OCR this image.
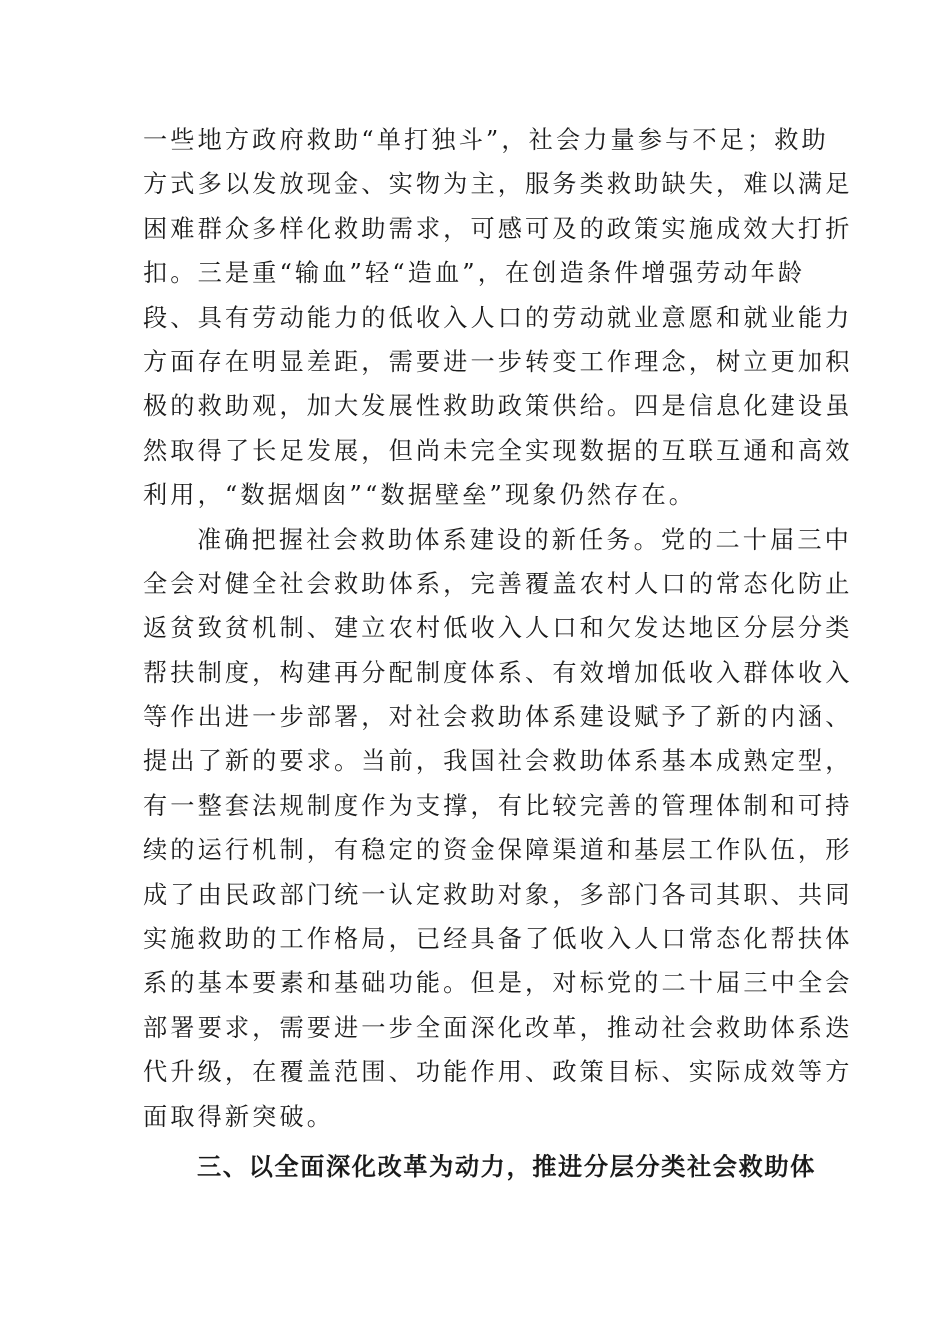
一些地方政府救助“单打独斗”，社会力量参与不足；救助
方式多以发放现金、实物为主，服务类救助缺失，难以满足
困难群众多样化救助需求，可感可及的政策实施成效大打折
扣。三是重“输血”轻“造血”，在创造条件增强劳动年龄
段、具有劳动能力的低收入人口的劳动就业意愿和就业能力
方面存在明显差距，需要进一步转变工作理念，树立更加积
极的救助观，加大发展性救助政策供给。四是信息化建设虽
然取得了长足发展，但尚未完全实现数据的互联互通和高效
利用，“数据烟囱”“数据壁垒”现象仍然存在。
准确把握社会救助体系建设的新任务。党的二十届三中
全会对健全社会救助体系，完善覆盖农村人口的常态化防止
返贫致贫机制、建立农村低收入人口和欠发达地区分层分类
帮扶制度，构建再分配制度体系、有效增加低收入群体收入
等作出进一步部署，对社会救助体系建设赋予了新的内涵、
提出了新的要求。当前，我国社会救助体系基本成熟定型，
有一整套法规制度作为支撑，有比较完善的管理体制和可持
续的运行机制，有稳定的资金保障渠道和基层工作队伍，形
成了由民政部门统一认定救助对象，多部门各司其职、共同
实施救助的工作格局，已经具备了低收入人口常态化帮扶体
系的基本要素和基础功能。但是，对标党的二十届三中全会
部署要求，需要进一步全面深化改革，推动社会救助体系迭
代升级，在覆盖范围、功能作用、政策目标、实际成效等方
面取得新突破。
三、以全面深化改革为动力，推进分层分类社会救助体
